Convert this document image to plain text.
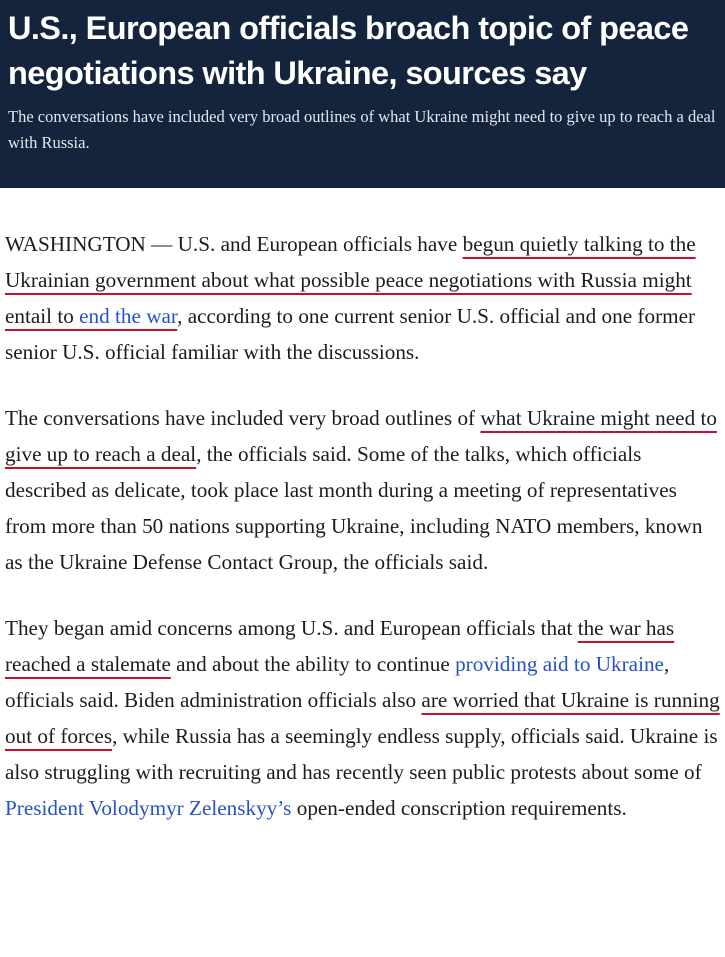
U.S., European officials broach topic of peace negotiations with Ukraine, sources say

The conversations have included very broad outlines of what Ukraine might need to give up to reach a deal with Russia.

WASHINGTON — U.S. and European officials have begun quietly talking to the Ukrainian government about what possible peace negotiations with Russia might entail to end the war, according to one current senior U.S. official and one former senior U.S. official familiar with the discussions.

The conversations have included very broad outlines of what Ukraine might need to give up to reach a deal, the officials said. Some of the talks, which officials described as delicate, took place last month during a meeting of representatives from more than 50 nations supporting Ukraine, including NATO members, known as the Ukraine Defense Contact Group, the officials said.

They began amid concerns among U.S. and European officials that the war has reached a stalemate and about the ability to continue providing aid to Ukraine, officials said. Biden administration officials also are worried that Ukraine is running out of forces, while Russia has a seemingly endless supply, officials said. Ukraine is also struggling with recruiting and has recently seen public protests about some of President Volodymyr Zelenskyy’s open-ended conscription requirements.
